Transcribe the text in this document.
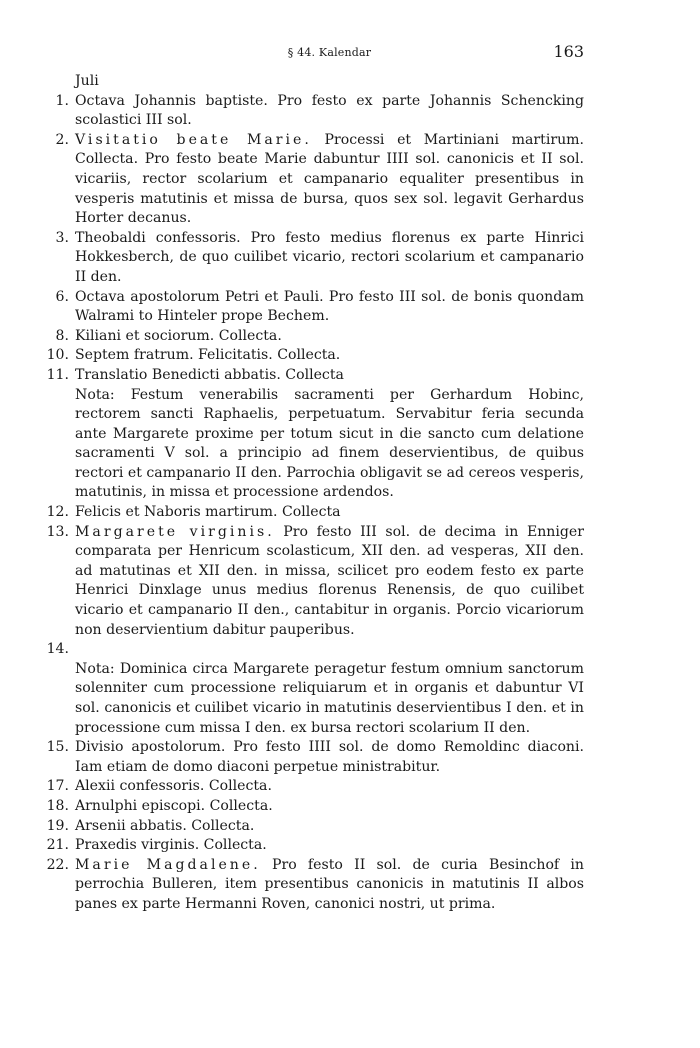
§ 44. Kalendar	163

Juli

1. Octava Johannis baptiste. Pro festo ex parte Johannis Schencking scolastici III sol.
2. Visitatio beate Marie. Processi et Martiniani martirum. Collecta. Pro festo beate Marie dabuntur IIII sol. canonicis et II sol. vicariis, rector scolarium et campanario equaliter presentibus in vesperis matutinis et missa de bursa, quos sex sol. legavit Gerhardus Horter decanus.
3. Theobaldi confessoris. Pro festo medius florenus ex parte Hinrici Hokkesberch, de quo cuilibet vicario, rectori scolarium et campanario II den.
6. Octava apostolorum Petri et Pauli. Pro festo III sol. de bonis quondam Walrami to Hinteler prope Bechem.
8. Kiliani et sociorum. Collecta.
10. Septem fratrum. Felicitatis. Collecta.
11. Translatio Benedicti abbatis. Collecta
Nota: Festum venerabilis sacramenti per Gerhardum Hobinc, rectorem sancti Raphaelis, perpetuatum. Servabitur feria secunda ante Margarete proxime per totum sicut in die sancto cum delatione sacramenti V sol. a principio ad finem deservientibus, de quibus rectori et campanario II den. Parrochia obligavit se ad cereos vesperis, matutinis, in missa et processione ardendos.
12. Felicis et Naboris martirum. Collecta
13. Margarete virginis. Pro festo III sol. de decima in Enniger comparata per Henricum scolasticum, XII den. ad vesperas, XII den. ad matutinas et XII den. in missa, scilicet pro eodem festo ex parte Henrici Dinxlage unus medius florenus Renensis, de quo cuilibet vicario et campanario II den., cantabitur in organis. Porcio vicariorum non deservientium dabitur pauperibus.
14.

Nota: Dominica circa Margarete peragetur festum omnium sanctorum solenniter cum processione reliquiarum et in organis et dabuntur VI sol. canonicis et cuilibet vicario in matutinis deservientibus I den. et in processione cum missa I den. ex bursa rectori scolarium II den.
15. Divisio apostolorum. Pro festo IIII sol. de domo Remoldinc diaconi. Iam etiam de domo diaconi perpetue ministrabitur.
17. Alexii confessoris. Collecta.
18. Arnulphi episcopi. Collecta.
19. Arsenii abbatis. Collecta.
21. Praxedis virginis. Collecta.
22. Marie Magdalene. Pro festo II sol. de curia Besinchof in perrochia Bulleren, item presentibus canonicis in matutinis II albos panes ex parte Hermanni Roven, canonici nostri, ut prima.
